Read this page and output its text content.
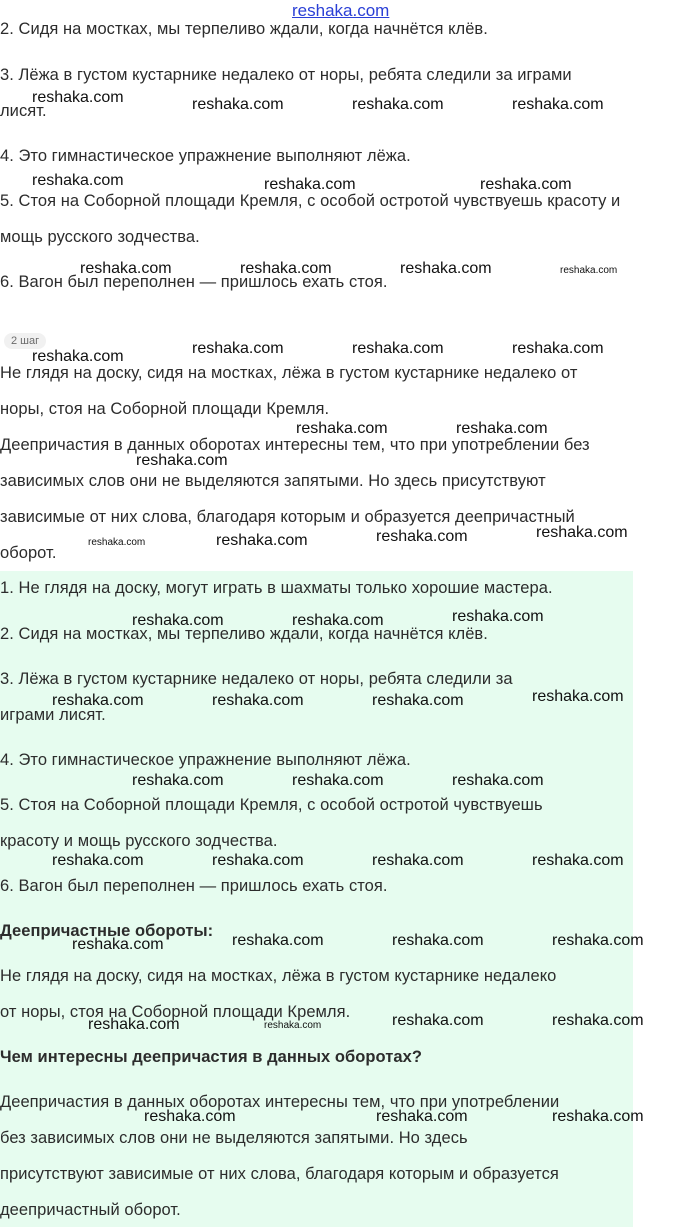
reshaka.com
2. Сидя на мостках, мы терпеливо ждали, когда начнётся клёв.
3. Лёжа в густом кустарнике недалеко от норы, ребята следили за играми
лисят.
4. Это гимнастическое упражнение выполняют лёжа.
5. Стоя на Соборной площади Кремля, с особой остротой чувствуешь красоту и
мощь русского зодчества.
6. Вагон был переполнен — пришлось ехать стоя.
2 шаг
Не глядя на доску, сидя на мостках, лёжа в густом кустарнике недалеко от
норы, стоя на Соборной площади Кремля.
Деепричастия в данных оборотах интересны тем, что при употреблении без
зависимых слов они не выделяются запятыми. Но здесь присутствуют
зависимые от них слова, благодаря которым и образуется деепричастный
оборот.
1. Не глядя на доску, могут играть в шахматы только хорошие мастера.
2. Сидя на мостках, мы терпеливо ждали, когда начнётся клёв.
3. Лёжа в густом кустарнике недалеко от норы, ребята следили за
играми лисят.
4. Это гимнастическое упражнение выполняют лёжа.
5. Стоя на Соборной площади Кремля, с особой остротой чувствуешь
красоту и мощь русского зодчества.
6. Вагон был переполнен — пришлось ехать стоя.
Деепричастные обороты:
Не глядя на доску, сидя на мостках, лёжа в густом кустарнике недалеко
от норы, стоя на Соборной площади Кремля.
Чем интересны деепричастия в данных оборотах?
Деепричастия в данных оборотах интересны тем, что при употреблении
без зависимых слов они не выделяются запятыми. Но здесь
присутствуют зависимые от них слова, благодаря которым и образуется
деепричастный оборот.
reshaka.com	reshaka.com	reshaka.com	reshaka.com
reshaka.com	reshaka.com	reshaka.com
reshaka.com	reshaka.com	reshaka.com	reshaka.com
reshaka.com	reshaka.com	reshaka.com	reshaka.com
reshaka.com	reshaka.com
reshaka.com
reshaka.com	reshaka.com	reshaka.com	reshaka.com
reshaka.com	reshaka.com	reshaka.com
reshaka.com	reshaka.com	reshaka.com	reshaka.com
reshaka.com	reshaka.com	reshaka.com
reshaka.com	reshaka.com	reshaka.com	reshaka.com
reshaka.com	reshaka.com	reshaka.com	reshaka.com
reshaka.com	reshaka.com	reshaka.com	reshaka.com
reshaka.com	reshaka.com	reshaka.com
